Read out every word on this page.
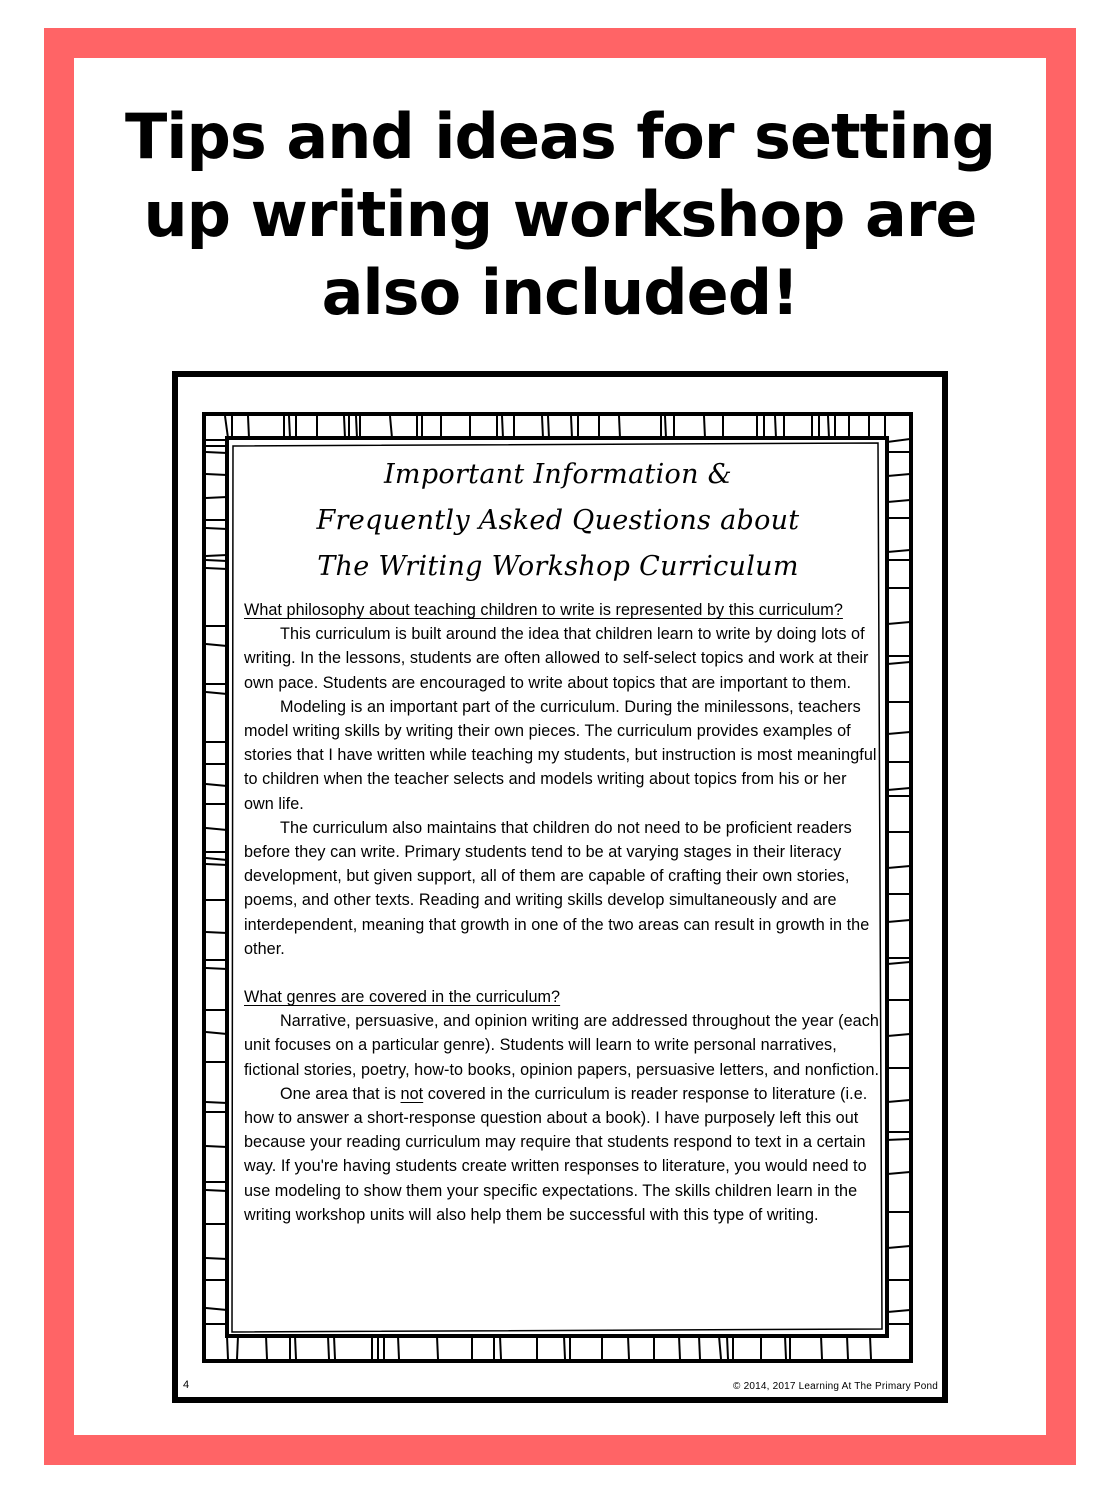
Tips and ideas for setting
up writing workshop are
also included!
Important Information &
Frequently Asked Questions about
The Writing Workshop Curriculum
What philosophy about teaching children to write is represented by this curriculum?

This curriculum is built around the idea that children learn to write by doing lots of writing. In the lessons, students are often allowed to self-select topics and work at their own pace. Students are encouraged to write about topics that are important to them.

Modeling is an important part of the curriculum. During the minilessons, teachers model writing skills by writing their own pieces. The curriculum provides examples of stories that I have written while teaching my students, but instruction is most meaningful to children when the teacher selects and models writing about topics from his or her own life.

The curriculum also maintains that children do not need to be proficient readers before they can write. Primary students tend to be at varying stages in their literacy development, but given support, all of them are capable of crafting their own stories, poems, and other texts. Reading and writing skills develop simultaneously and are interdependent, meaning that growth in one of the two areas can result in growth in the other.

What genres are covered in the curriculum?

Narrative, persuasive, and opinion writing are addressed throughout the year (each unit focuses on a particular genre). Students will learn to write personal narratives, fictional stories, poetry, how-to books, opinion papers, persuasive letters, and nonfiction.

One area that is not covered in the curriculum is reader response to literature (i.e. how to answer a short-response question about a book). I have purposely left this out because your reading curriculum may require that students respond to text in a certain way. If you're having students create written responses to literature, you would need to use modeling to show them your specific expectations. The skills children learn in the writing workshop units will also help them be successful with this type of writing.

4	© 2014, 2017 Learning At The Primary Pond
